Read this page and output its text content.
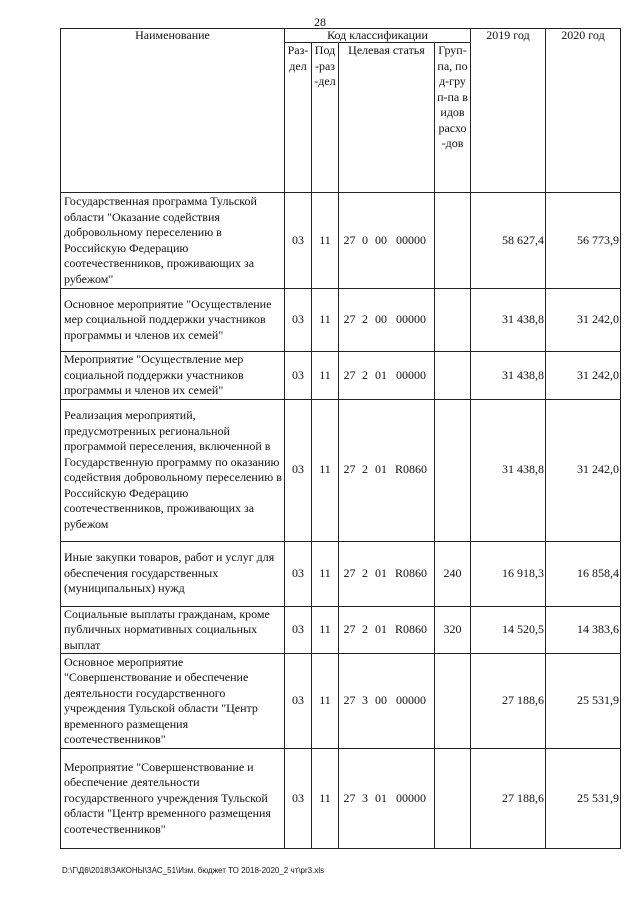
28
Наименование	Код классификации				2019 год	2020 год
	Раз-дел	Под-раз-дел	Целевая статья	Груп-па, под-груп-па видов расхо-дов		
Государственная программа Тульской области "Оказание содействия добровольному переселению в Российскую Федерацию соотечественников, проживающих за рубежом"	03	11	27 0 00 00000		58 627,4	56 773,9
Основное мероприятие "Осуществление мер социальной поддержки участников программы и членов их семей"	03	11	27 2 00 00000		31 438,8	31 242,0
Мероприятие "Осуществление мер социальной поддержки участников программы и членов их семей"	03	11	27 2 01 00000		31 438,8	31 242,0
Реализация мероприятий, предусмотренных региональной программой переселения, включенной в Государственную программу по оказанию содействия добровольному переселению в Российскую Федерацию соотечественников, проживающих за рубежом	03	11	27 2 01 R0860		31 438,8	31 242,0
Иные закупки товаров, работ и услуг для обеспечения государственных (муниципальных) нужд	03	11	27 2 01 R0860	240	16 918,3	16 858,4
Социальные выплаты гражданам, кроме публичных нормативных социальных выплат	03	11	27 2 01 R0860	320	14 520,5	14 383,6
Основное мероприятие "Совершенствование и обеспечение деятельности государственного учреждения Тульской области "Центр временного размещения соотечественников"	03	11	27 3 00 00000		27 188,6	25 531,9
Мероприятие "Совершенствование и обеспечение деятельности государственного учреждения Тульской области "Центр временного размещения соотечественников"	03	11	27 3 01 00000		27 188,6	25 531,9
D:\Г\Д6\2018\ЗАКОНЫ\ЗАС_51\Изм. бюджет ТО 2018-2020_2 чт\pr3.xls
